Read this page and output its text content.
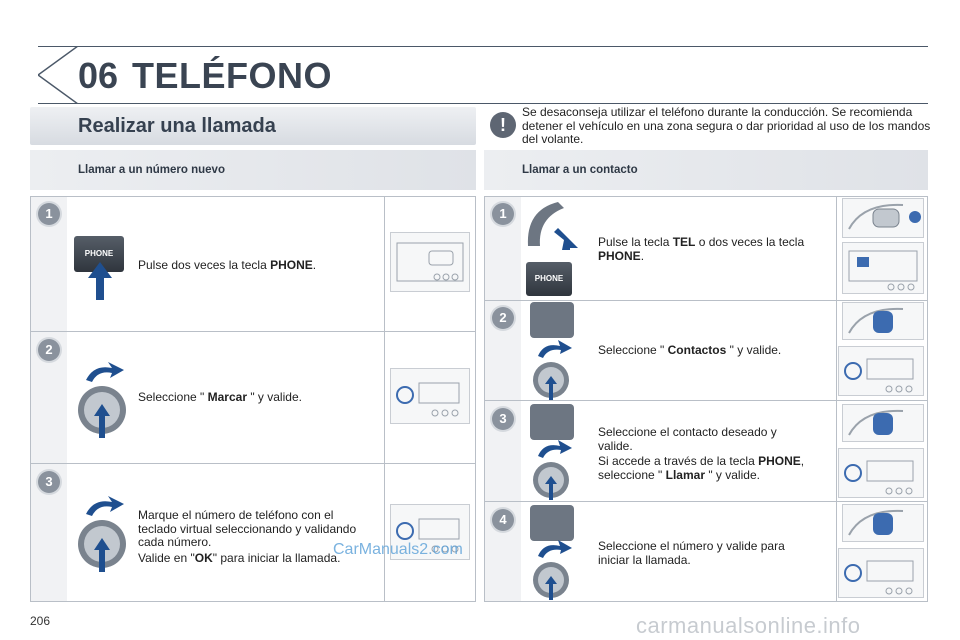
06 TELÉFONO
Realizar una llamada	!
Se desaconseja utilizar el teléfono durante la conducción. Se recomienda detener el vehículo en una zona segura o dar prioridad al uso de los mandos del volante.
Llamar a un número nuevo	Llamar a un contacto
1
PHONE
Pulse dos veces la tecla PHONE.
2
Seleccione " Marcar " y valide.
3
Marque el número de teléfono con el teclado virtual seleccionando y validando cada número.
Valide en "OK" para iniciar la llamada.
1
PHONE
Pulse la tecla TEL o dos veces la tecla PHONE.
2
Seleccione " Contactos " y valide.
3
Seleccione el contacto deseado y valide.
Si accede a través de la tecla PHONE, seleccione " Llamar " y valide.
4
Seleccione el número y valide para iniciar la llamada.
206
CarManuals2.com
carmanualsonline.info
